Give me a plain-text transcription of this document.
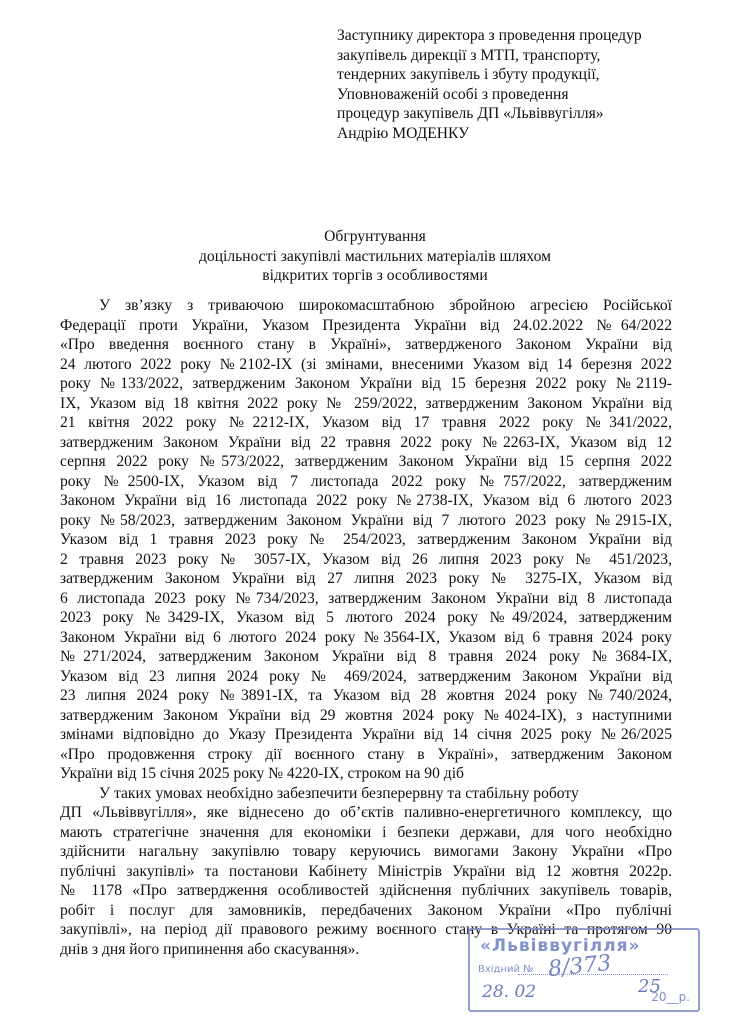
Заступнику директора з проведення процедур
закупівель дирекції з МТП, транспорту,
тендерних закупівель і збуту продукції,
Уповноваженій особі з проведення
процедур закупівель ДП «Львіввугілля»
Андрію МОДЕНКУ
Обгрунтування
доцільності закупівлі мастильних матеріалів шляхом
відкритих торгів з особливостями
У зв’язку з триваючою широкомасштабною збройною агресією Російської
Федерації проти України, Указом Президента України від 24.02.2022 №64/2022
«Про введення воєнного стану в Україні», затвердженого Законом України від
24 лютого 2022 року №2102-IX (зі змінами, внесеними Указом від 14 березня 2022
року №133/2022, затвердженим Законом України від 15 березня 2022 року №2119-
IX, Указом від 18 квітня 2022 року № 259/2022, затвердженим Законом України від
21 квітня 2022 року №2212-IX, Указом від 17 травня 2022 року №341/2022,
затвердженим Законом України від 22 травня 2022 року №2263-IX, Указом від 12
серпня 2022 року №573/2022, затвердженим Законом України від 15 серпня 2022
року №2500-IX, Указом від 7 листопада 2022 року №757/2022, затвердженим
Законом України від 16 листопада 2022 року №2738-IX, Указом від 6 лютого 2023
року №58/2023, затвердженим Законом України від 7 лютого 2023 року №2915-IX,
Указом від 1 травня 2023 року № 254/2023, затвердженим Законом України від
2 травня 2023 року № 3057-IX, Указом від 26 липня 2023 року № 451/2023,
затвердженим Законом України від 27 липня 2023 року № 3275-IX, Указом від
6 листопада 2023 року №734/2023, затвердженим Законом України від 8 листопада
2023 року №3429-IX, Указом від 5 лютого 2024 року №49/2024, затвердженим
Законом України від 6 лютого 2024 року №3564-IX, Указом від 6 травня 2024 року
№271/2024, затвердженим Законом України від 8 травня 2024 року №3684-IX,
Указом від 23 липня 2024 року № 469/2024, затвердженим Законом України від
23 липня 2024 року №3891-IX, та Указом від 28 жовтня 2024 року №740/2024,
затвердженим Законом України від 29 жовтня 2024 року №4024-IX), з наступними
змінами відповідно до Указу Президента України від 14 січня 2025 року №26/2025
«Про продовження строку дії воєнного стану в Україні», затвердженим Законом
України від 15 січня 2025 року № 4220-IX, строком на 90 діб
У таких умовах необхідно забезпечити безперервну та стабільну роботу
ДП «Львіввугілля», яке віднесено до об’єктів паливно-енергетичного комплексу, що
мають стратегічне значення для економіки і безпеки держави, для чого необхідно
здійснити нагальну закупівлю товару керуючись вимогами Закону України «Про
публічні закупівлі» та постанови Кабінету Міністрів України від 12 жовтня 2022р.
№ 1178 «Про затвердження особливостей здійснення публічних закупівель товарів,
робіт і послуг для замовників, передбачених Законом України «Про публічні
закупівлі», на період дії правового режиму воєнного стану в Україні та протягом 90
днів з дня його припинення або скасування».	«Львіввугілля»
Вхідний № 8/373
28. 02	25
20__р.
